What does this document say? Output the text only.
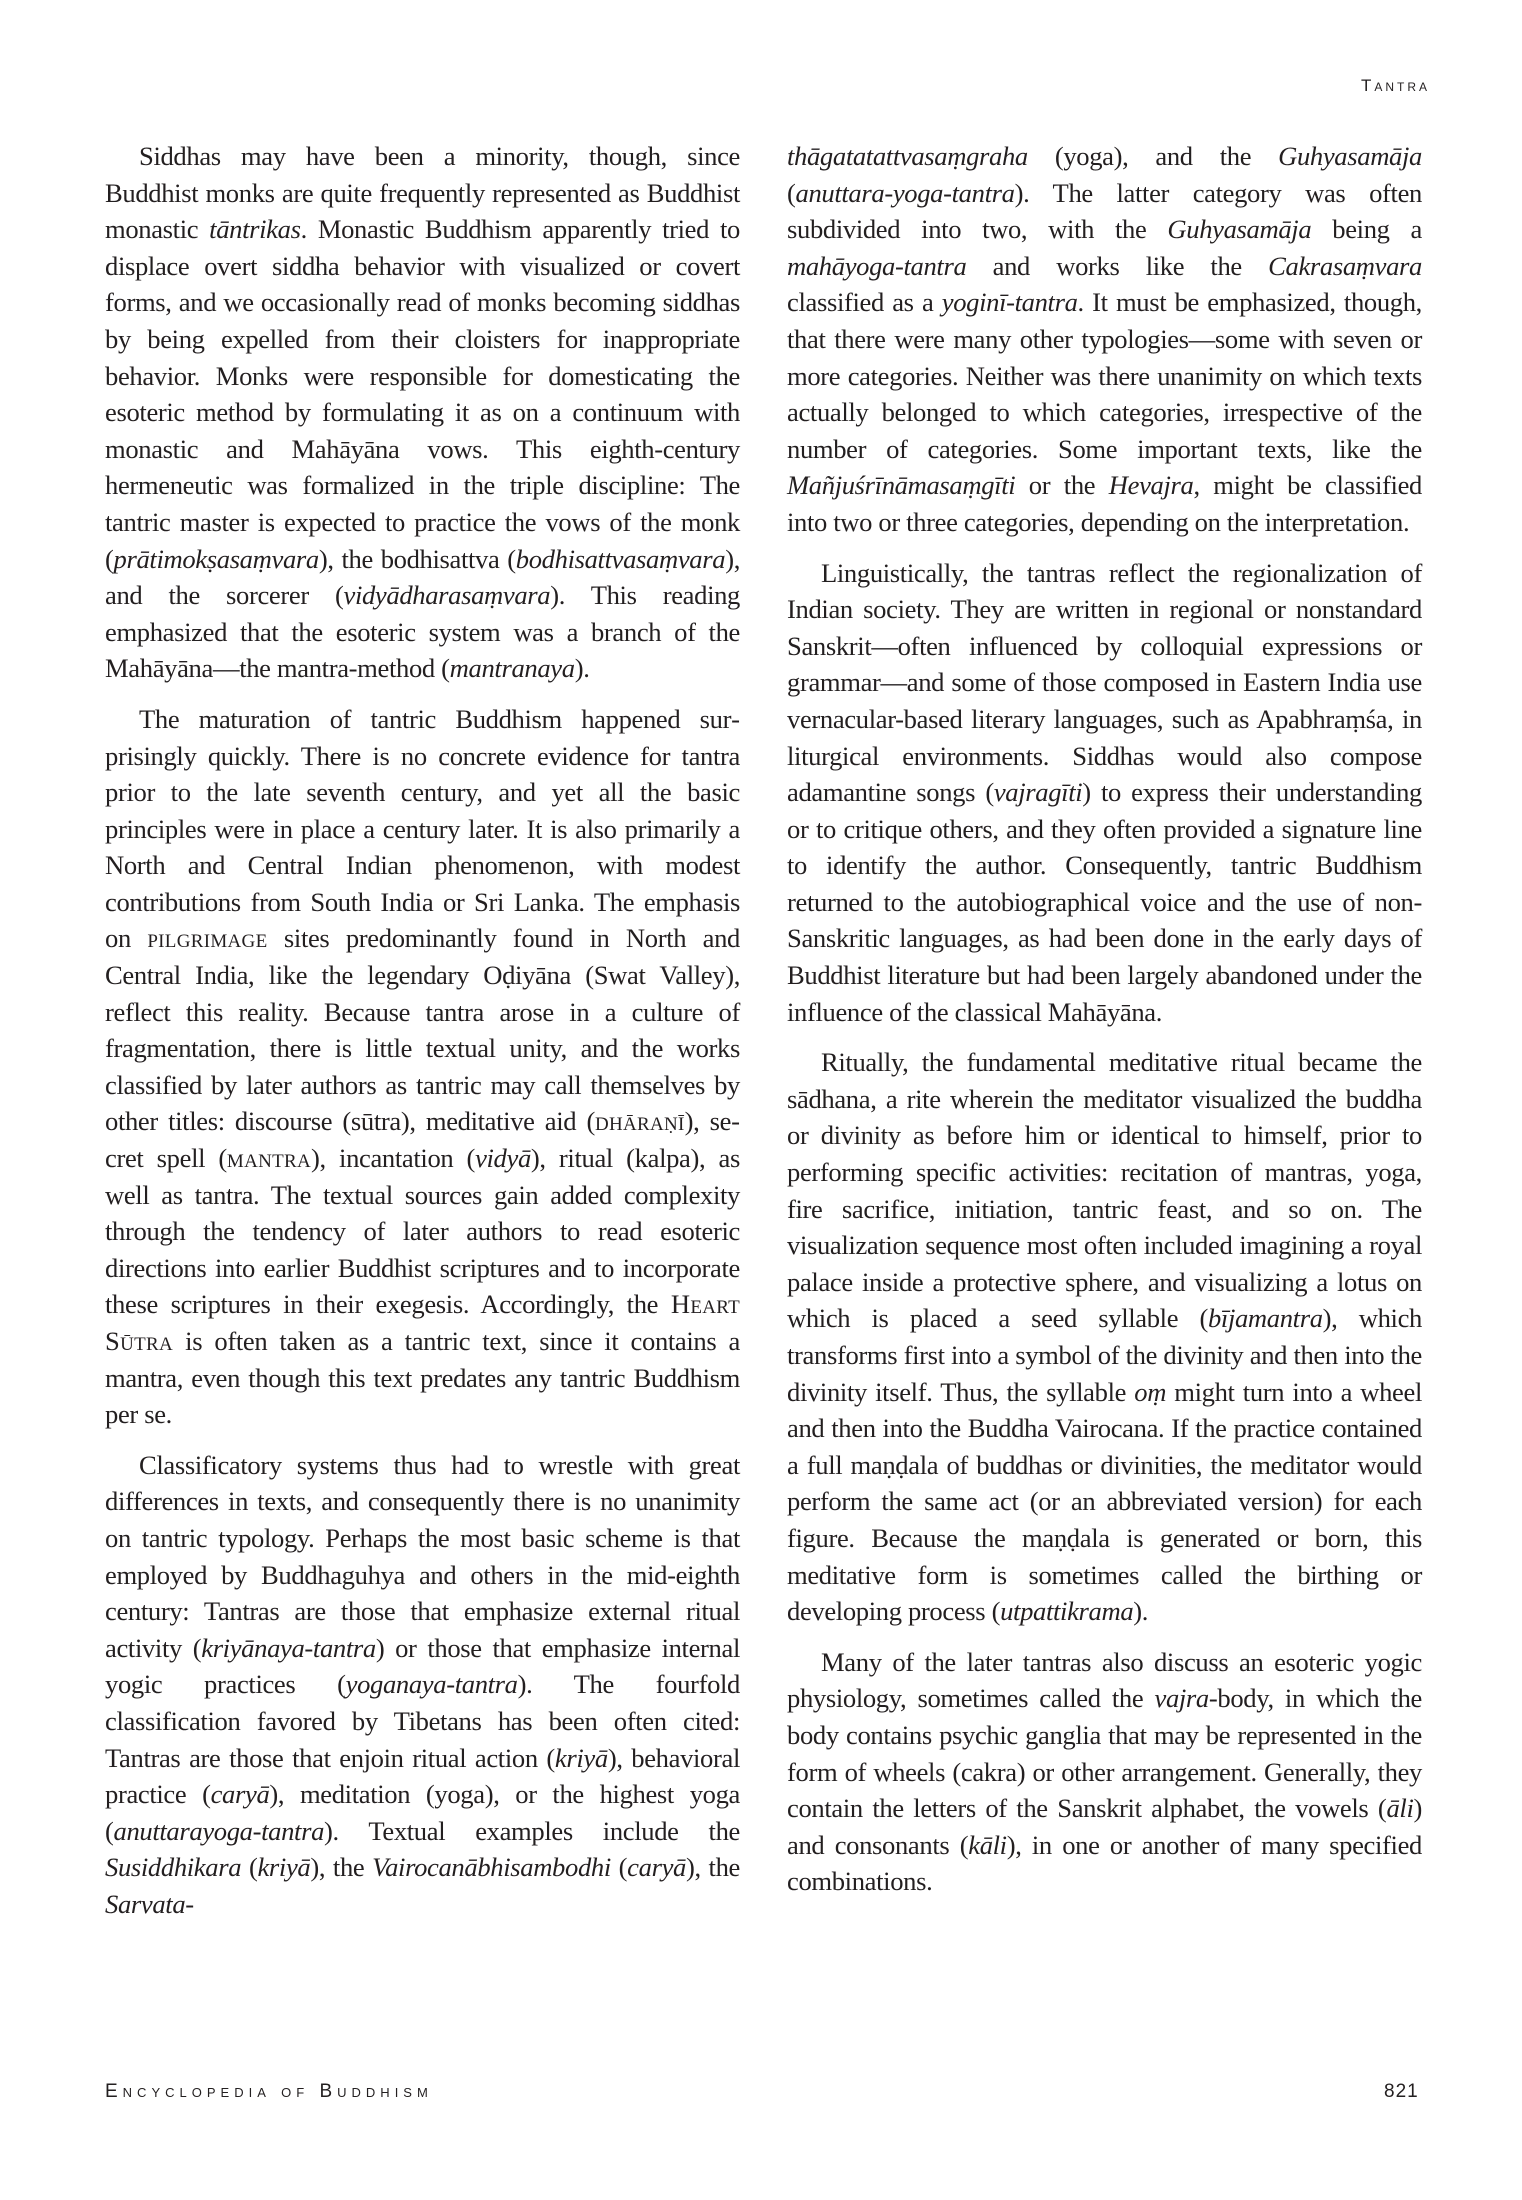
Tantra

Siddhas may have been a minority, though, since Buddhist monks are quite frequently represented as Buddhist monastic tāntrikas. Monastic Buddhism apparently tried to displace overt siddha behavior with visualized or covert forms, and we occasionally read of monks becoming siddhas by being expelled from their cloisters for inappropriate behavior. Monks were responsible for domesticating the esoteric method by formulating it as on a continuum with monastic and Mahāyāna vows. This eighth-century hermeneutic was formalized in the triple discipline: The tantric master is expected to practice the vows of the monk (prātimokṣasaṃvara), the bodhisattva (bodhisattvasaṃvara), and the sorcerer (vidyādharasaṃvara). This reading emphasized that the esoteric system was a branch of the Mahāyāna—the mantra-method (mantranaya).

The maturation of tantric Buddhism happened surprisingly quickly. There is no concrete evidence for tantra prior to the late seventh century, and yet all the basic principles were in place a century later. It is also primarily a North and Central Indian phenomenon, with modest contributions from South India or Sri Lanka. The emphasis on pilgrimage sites predominantly found in North and Central India, like the legendary Oḍiyāna (Swat Valley), reflect this reality. Because tantra arose in a culture of fragmentation, there is little textual unity, and the works classified by later authors as tantric may call themselves by other titles: discourse (sūtra), meditative aid (dhāraṇī), secret spell (mantra), incantation (vidyā), ritual (kalpa), as well as tantra. The textual sources gain added complexity through the tendency of later authors to read esoteric directions into earlier Buddhist scriptures and to incorporate these scriptures in their exegesis. Accordingly, the Heart Sūtra is often taken as a tantric text, since it contains a mantra, even though this text predates any tantric Buddhism per se.

Classificatory systems thus had to wrestle with great differences in texts, and consequently there is no unanimity on tantric typology. Perhaps the most basic scheme is that employed by Buddhaguhya and others in the mid-eighth century: Tantras are those that emphasize external ritual activity (kriyānaya-tantra) or those that emphasize internal yogic practices (yoganaya-tantra). The fourfold classification favored by Tibetans has been often cited: Tantras are those that enjoin ritual action (kriyā), behavioral practice (caryā), meditation (yoga), or the highest yoga (anuttarayoga-tantra). Textual examples include the Susiddhikara (kriyā), the Vairocanābhisambodhi (caryā), the Sarvata-

thāgatatattvasaṃgraha (yoga), and the Guhyasamāja (anuttara-yoga-tantra). The latter category was often subdivided into two, with the Guhyasamāja being a mahāyoga-tantra and works like the Cakrasaṃvara classified as a yoginī-tantra. It must be emphasized, though, that there were many other typologies—some with seven or more categories. Neither was there unanimity on which texts actually belonged to which categories, irrespective of the number of categories. Some important texts, like the Mañjuśrīnāmasaṃgīti or the Hevajra, might be classified into two or three categories, depending on the interpretation.

Linguistically, the tantras reflect the regionalization of Indian society. They are written in regional or nonstandard Sanskrit—often influenced by colloquial expressions or grammar—and some of those composed in Eastern India use vernacular-based literary languages, such as Apabhraṃśa, in liturgical environments. Siddhas would also compose adamantine songs (vajragīti) to express their understanding or to critique others, and they often provided a signature line to identify the author. Consequently, tantric Buddhism returned to the autobiographical voice and the use of non-Sanskritic languages, as had been done in the early days of Buddhist literature but had been largely abandoned under the influence of the classical Mahāyāna.

Ritually, the fundamental meditative ritual became the sādhana, a rite wherein the meditator visualized the buddha or divinity as before him or identical to himself, prior to performing specific activities: recitation of mantras, yoga, fire sacrifice, initiation, tantric feast, and so on. The visualization sequence most often included imagining a royal palace inside a protective sphere, and visualizing a lotus on which is placed a seed syllable (bījamantra), which transforms first into a symbol of the divinity and then into the divinity itself. Thus, the syllable oṃ might turn into a wheel and then into the Buddha Vairocana. If the practice contained a full maṇḍala of buddhas or divinities, the meditator would perform the same act (or an abbreviated version) for each figure. Because the maṇḍala is generated or born, this meditative form is sometimes called the birthing or developing process (utpattikrama).

Many of the later tantras also discuss an esoteric yogic physiology, sometimes called the vajra-body, in which the body contains psychic ganglia that may be represented in the form of wheels (cakra) or other arrangement. Generally, they contain the letters of the Sanskrit alphabet, the vowels (āli) and consonants (kāli), in one or another of many specified combinations.

Encyclopedia of Buddhism	821
